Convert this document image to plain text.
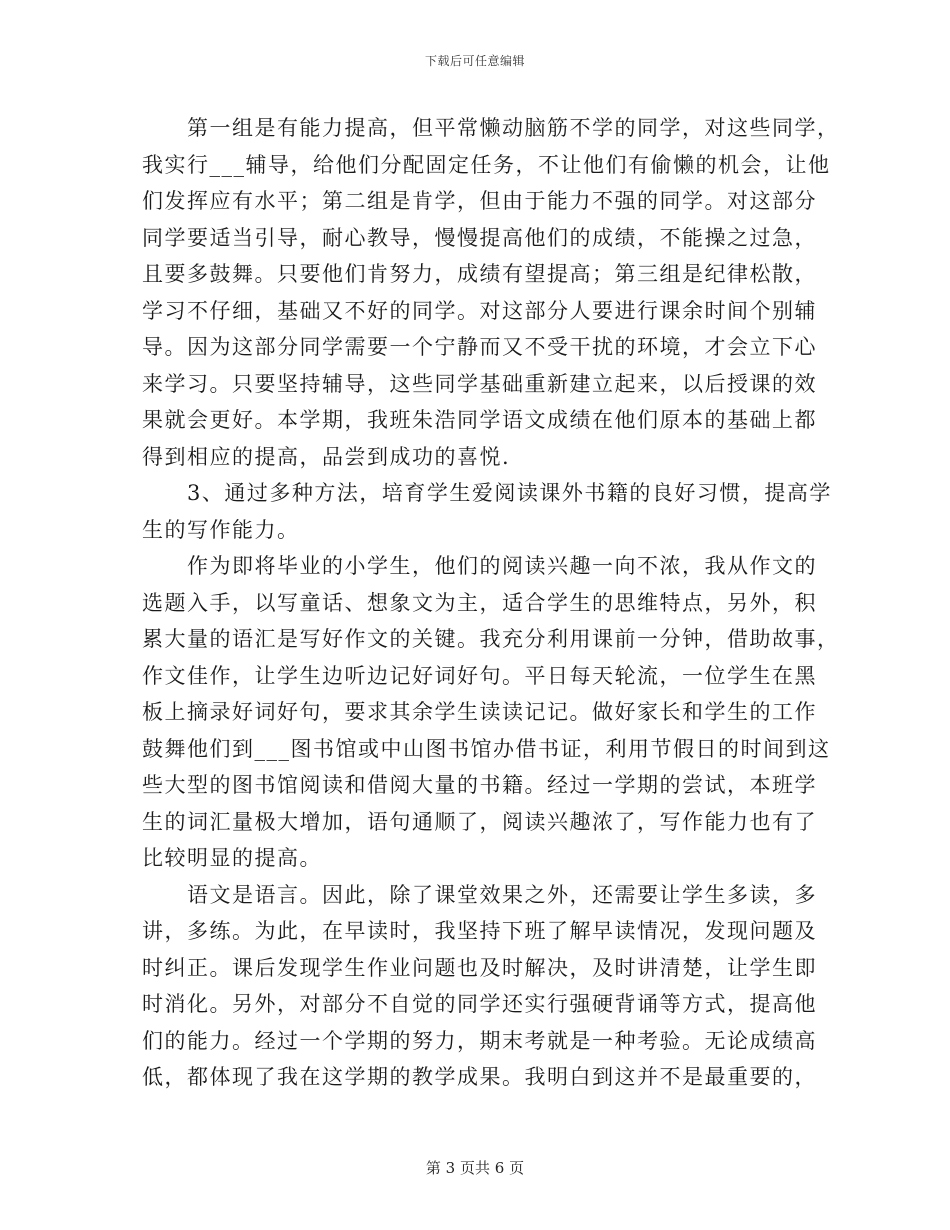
下载后可任意编辑
第一组是有能力提高，但平常懒动脑筋不学的同学，对这些同学，
我实行___辅导，给他们分配固定任务，不让他们有偷懒的机会，让他
们发挥应有水平；第二组是肯学，但由于能力不强的同学。对这部分
同学要适当引导，耐心教导，慢慢提高他们的成绩，不能操之过急，
且要多鼓舞。只要他们肯努力，成绩有望提高；第三组是纪律松散，
学习不仔细，基础又不好的同学。对这部分人要进行课余时间个别辅
导。因为这部分同学需要一个宁静而又不受干扰的环境，才会立下心
来学习。只要坚持辅导，这些同学基础重新建立起来，以后授课的效
果就会更好。本学期，我班朱浩同学语文成绩在他们原本的基础上都
得到相应的提高，品尝到成功的喜悦.
3、通过多种方法，培育学生爱阅读课外书籍的良好习惯，提高学
生的写作能力。
作为即将毕业的小学生，他们的阅读兴趣一向不浓，我从作文的
选题入手，以写童话、想象文为主，适合学生的思维特点，另外，积
累大量的语汇是写好作文的关键。我充分利用课前一分钟，借助故事，
作文佳作，让学生边听边记好词好句。平日每天轮流，一位学生在黑
板上摘录好词好句，要求其余学生读读记记。做好家长和学生的工作
鼓舞他们到___图书馆或中山图书馆办借书证，利用节假日的时间到这
些大型的图书馆阅读和借阅大量的书籍。经过一学期的尝试，本班学
生的词汇量极大增加，语句通顺了，阅读兴趣浓了，写作能力也有了
比较明显的提高。
语文是语言。因此，除了课堂效果之外，还需要让学生多读，多
讲，多练。为此，在早读时，我坚持下班了解早读情况，发现问题及
时纠正。课后发现学生作业问题也及时解决，及时讲清楚，让学生即
时消化。另外，对部分不自觉的同学还实行强硬背诵等方式，提高他
们的能力。经过一个学期的努力，期末考就是一种考验。无论成绩高
低，都体现了我在这学期的教学成果。我明白到这并不是最重要的，
第 3 页共 6 页
